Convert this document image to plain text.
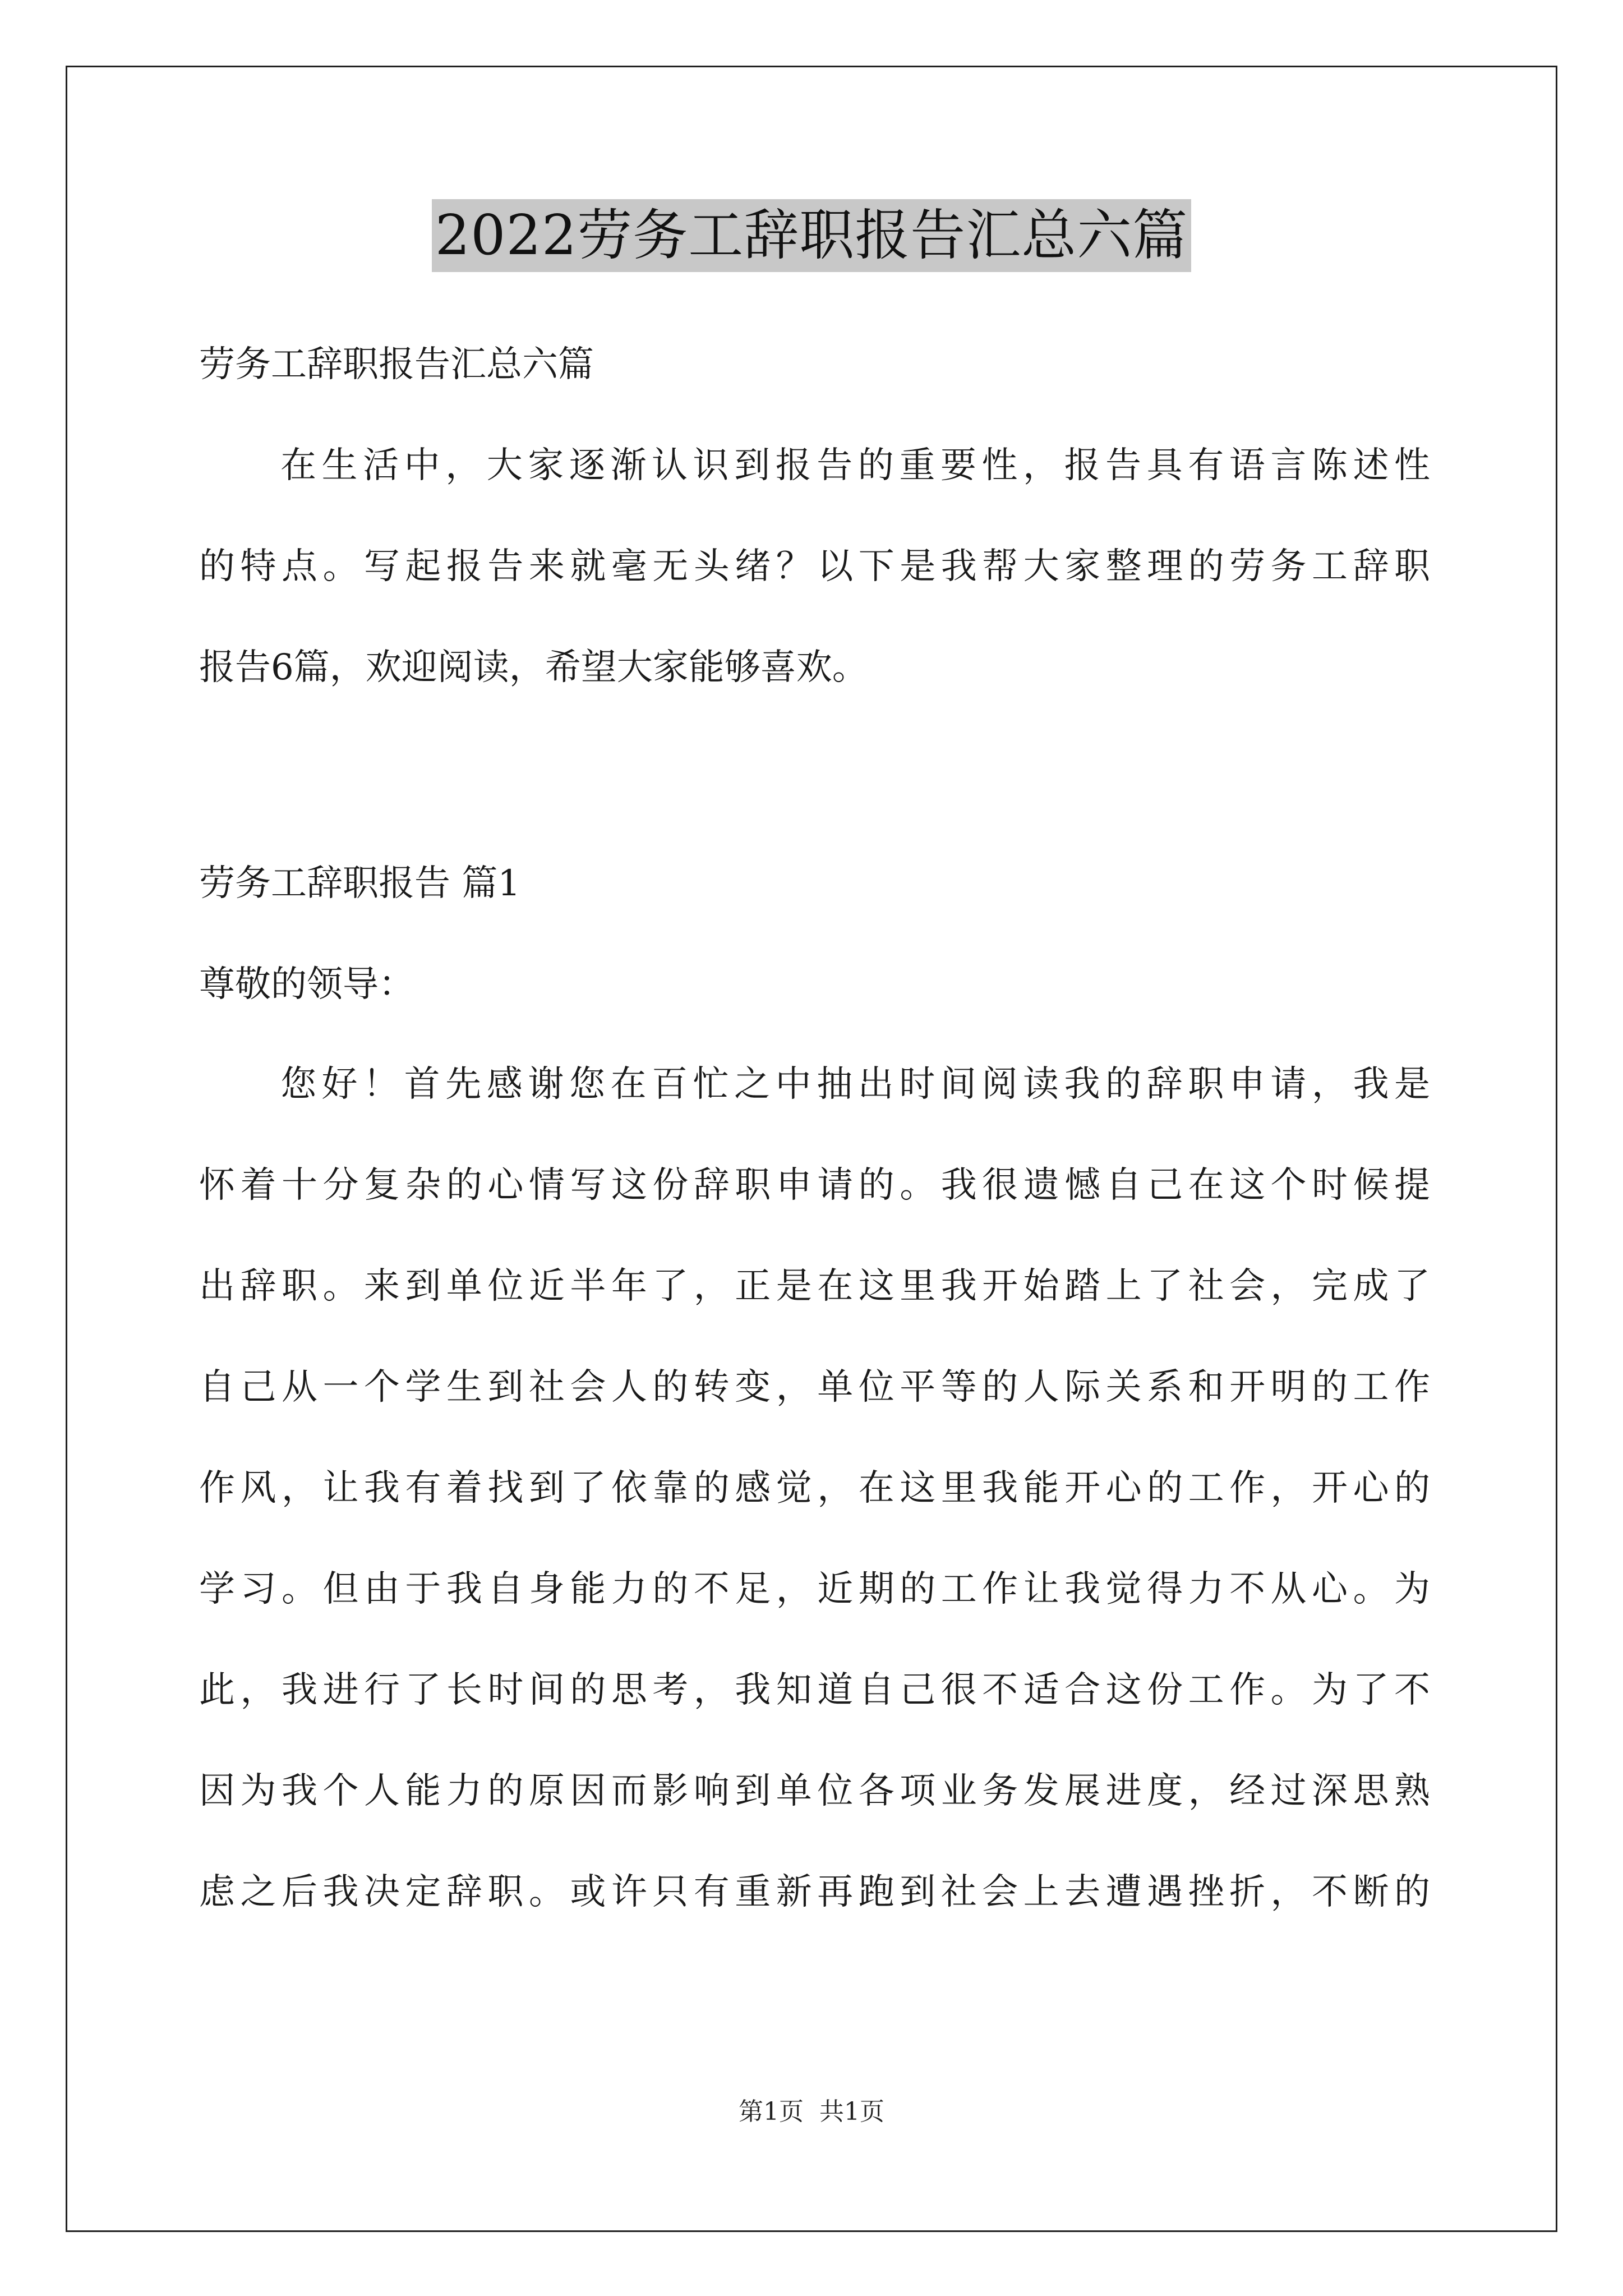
2022劳务工辞职报告汇总六篇
劳务工辞职报告汇总六篇
在生活中，大家逐渐认识到报告的重要性，报告具有语言陈述性
的特点。写起报告来就毫无头绪？以下是我帮大家整理的劳务工辞职
报告6篇，欢迎阅读，希望大家能够喜欢。
劳务工辞职报告 篇1
尊敬的领导：
您好！首先感谢您在百忙之中抽出时间阅读我的辞职申请，我是
怀着十分复杂的心情写这份辞职申请的。我很遗憾自己在这个时候提
出辞职。来到单位近半年了，正是在这里我开始踏上了社会，完成了
自己从一个学生到社会人的转变，单位平等的人际关系和开明的工作
作风，让我有着找到了依靠的感觉，在这里我能开心的工作，开心的
学习。但由于我自身能力的不足，近期的工作让我觉得力不从心。为
此，我进行了长时间的思考，我知道自己很不适合这份工作。为了不
因为我个人能力的原因而影响到单位各项业务发展进度，经过深思熟
虑之后我决定辞职。或许只有重新再跑到社会上去遭遇挫折，不断的
第1页 共1页
